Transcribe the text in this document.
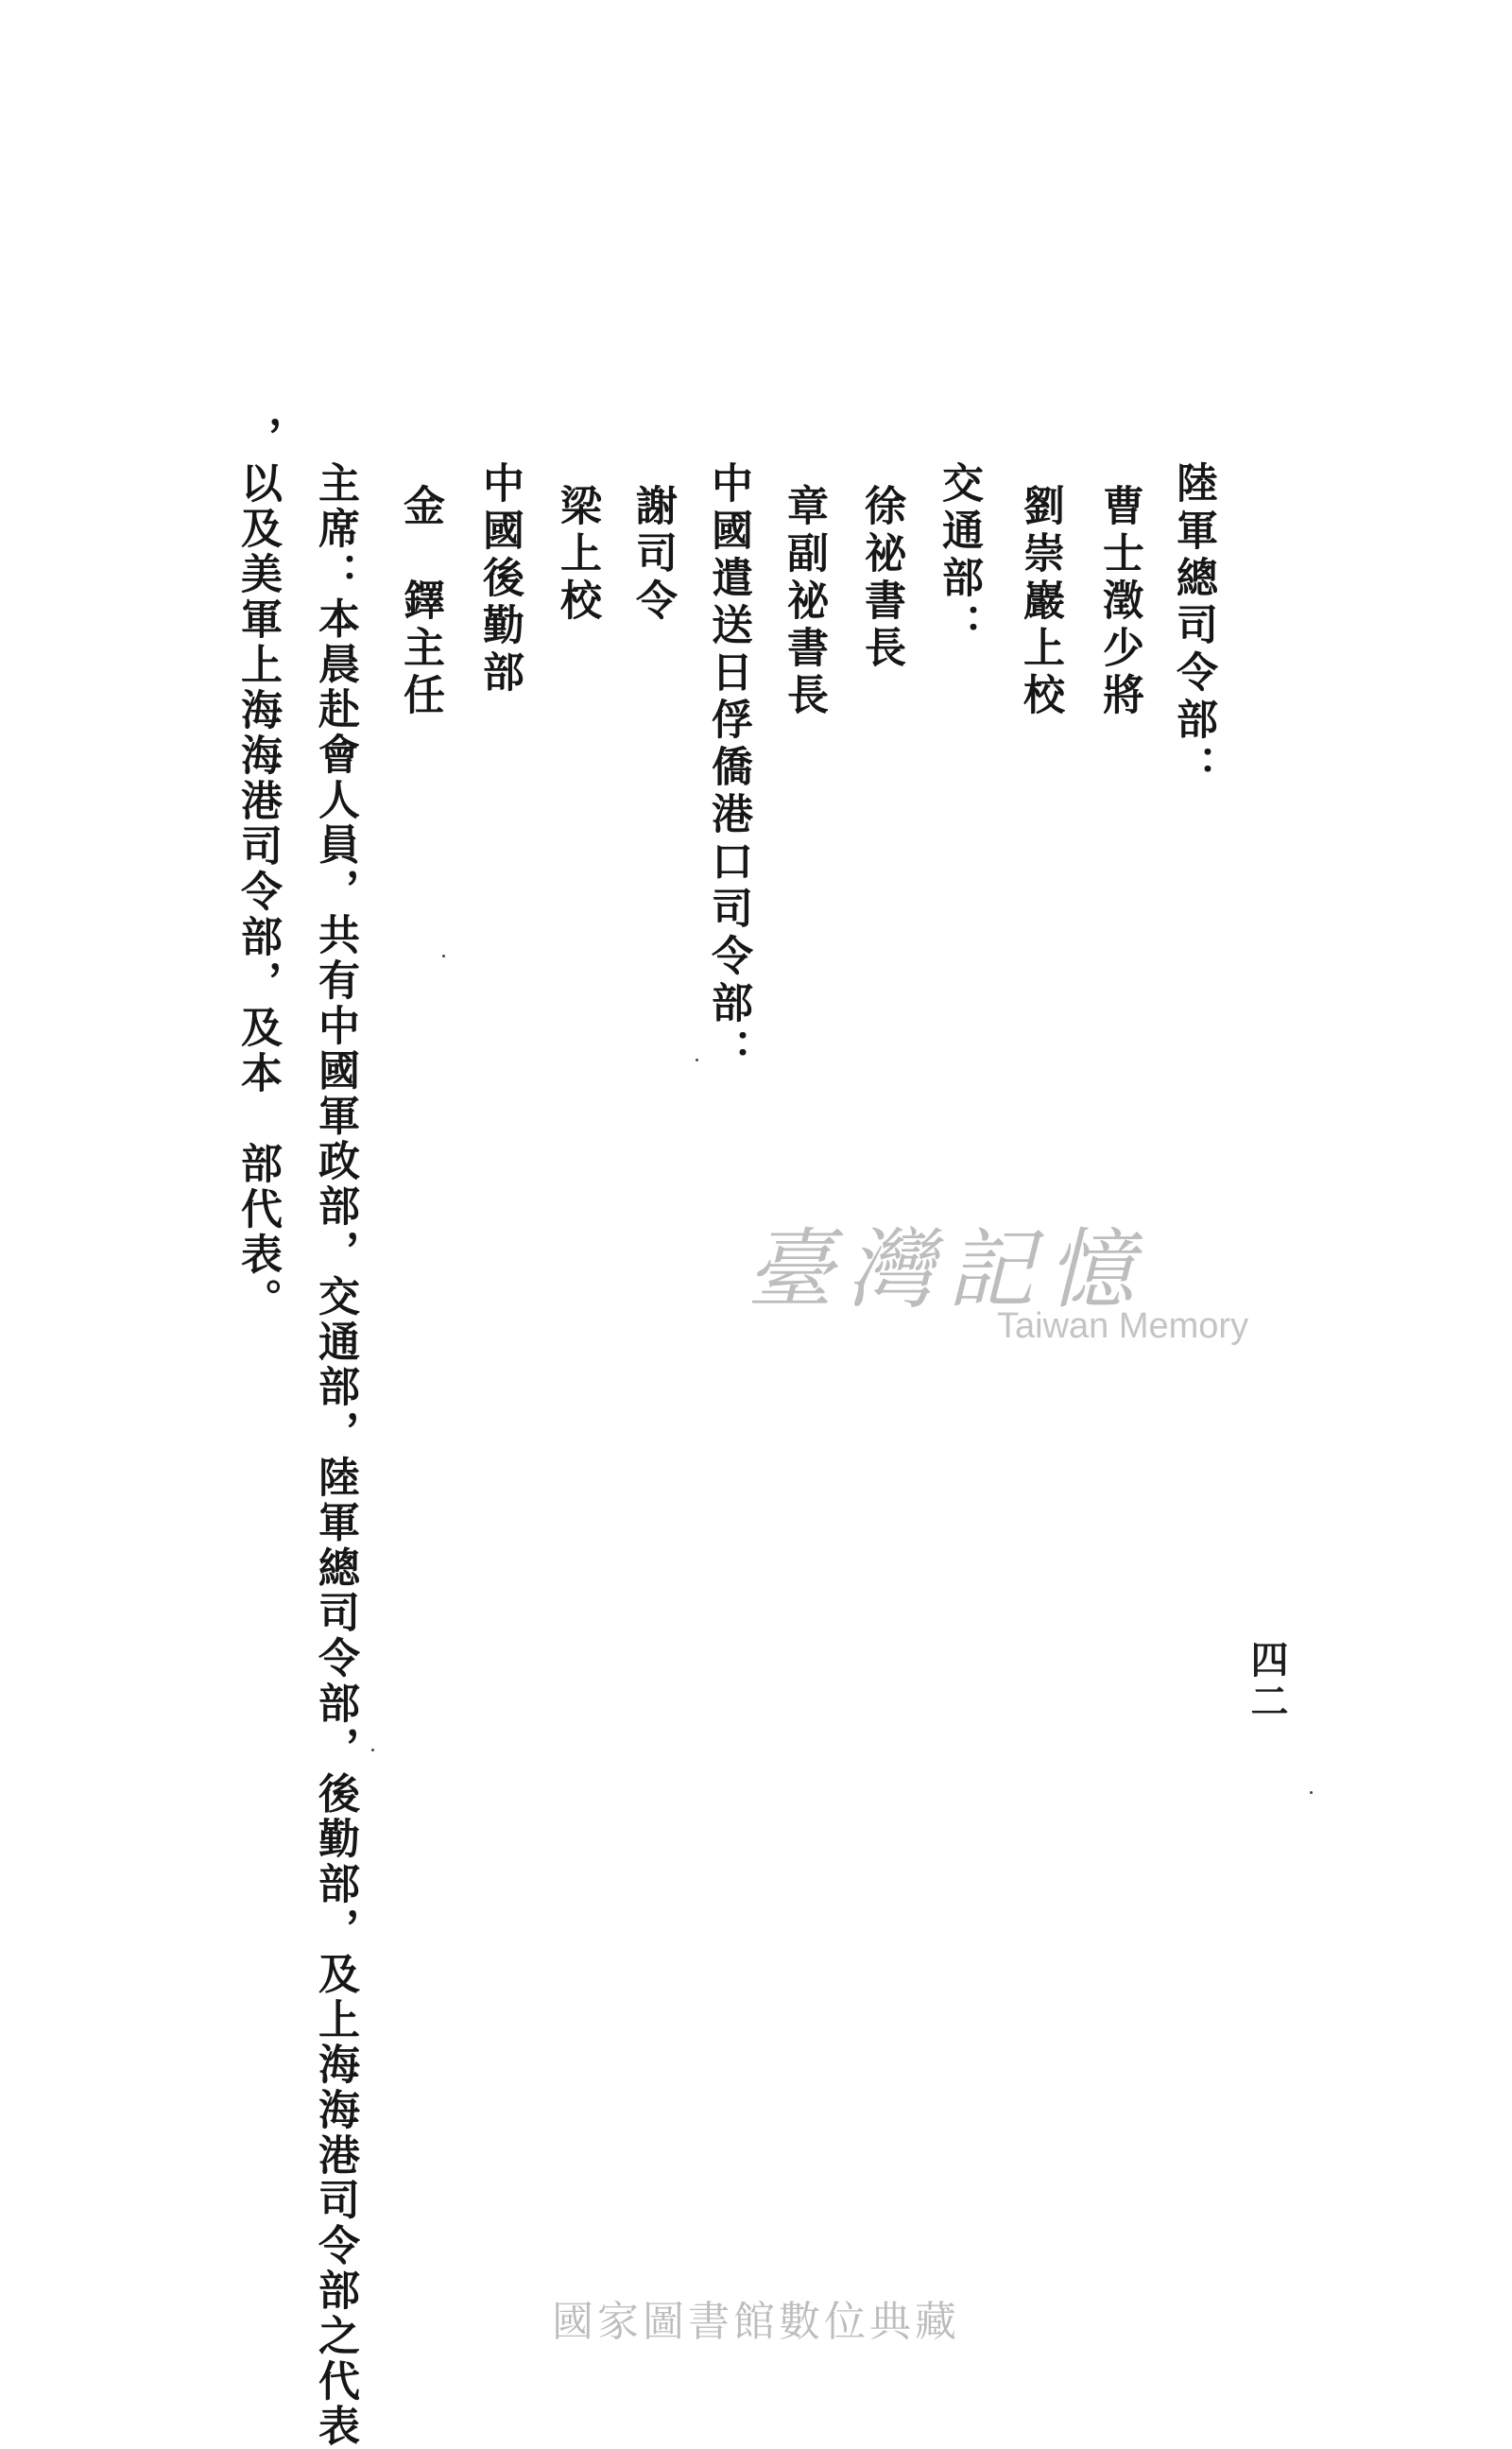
陸軍總司令部：
曹士澂少將
劉崇巖上校
交通部：
徐祕書長
章副祕書長
中國遣送日俘僑港口司令部：
謝司令
梁上校
中國後勤部
金　鐸主任
主席：本晨赴會人員，共有中國軍政部，交通部，陸軍總司令部，後勤部，及上海海港司令部之代表
，以及美軍上海海港司令部，及本　部代表。
四二
臺灣記憶
Taiwan Memory
國家圖書館數位典藏
